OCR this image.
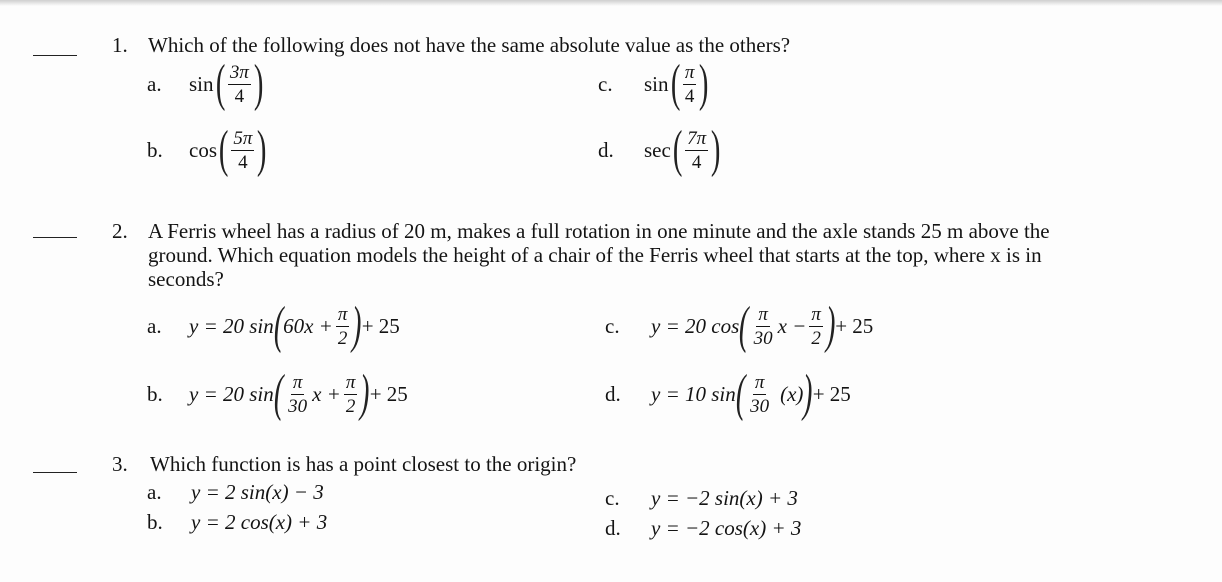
1. Which of the following does not have the same absolute value as the others?
a.	sin ( $\frac{3\pi}{4}$ )	c.	sin ( $\frac{\pi}{4}$ )
b.	cos ( $\frac{5\pi}{4}$ )	d.	sec ( $\frac{7\pi}{4}$ )
2. A Ferris wheel has a radius of 20 m, makes a full rotation in one minute and the axle stands 25 m above the
ground. Which equation models the height of a chair of the Ferris wheel that starts at the top, where x is in
seconds?
a.	y = 20 sin ( $60x + \frac{\pi}{2}$ ) + 25	c.	y = 20 cos ( $\frac{\pi}{30}$ $x - \frac{\pi}{2}$ ) + 25
b.	y = 20 sin ( $\frac{\pi}{30}$ $x + \frac{\pi}{2}$ ) + 25	d.	y = 10 sin ( $\frac{\pi}{30} (x)$ ) + 25
3. Which function is has a point closest to the origin?
a.	y = 2 sin(x) − 3
b.	y = 2 cos(x) + 3
c.	y = −2 sin(x) + 3
d.	y = −2 cos(x) + 3
